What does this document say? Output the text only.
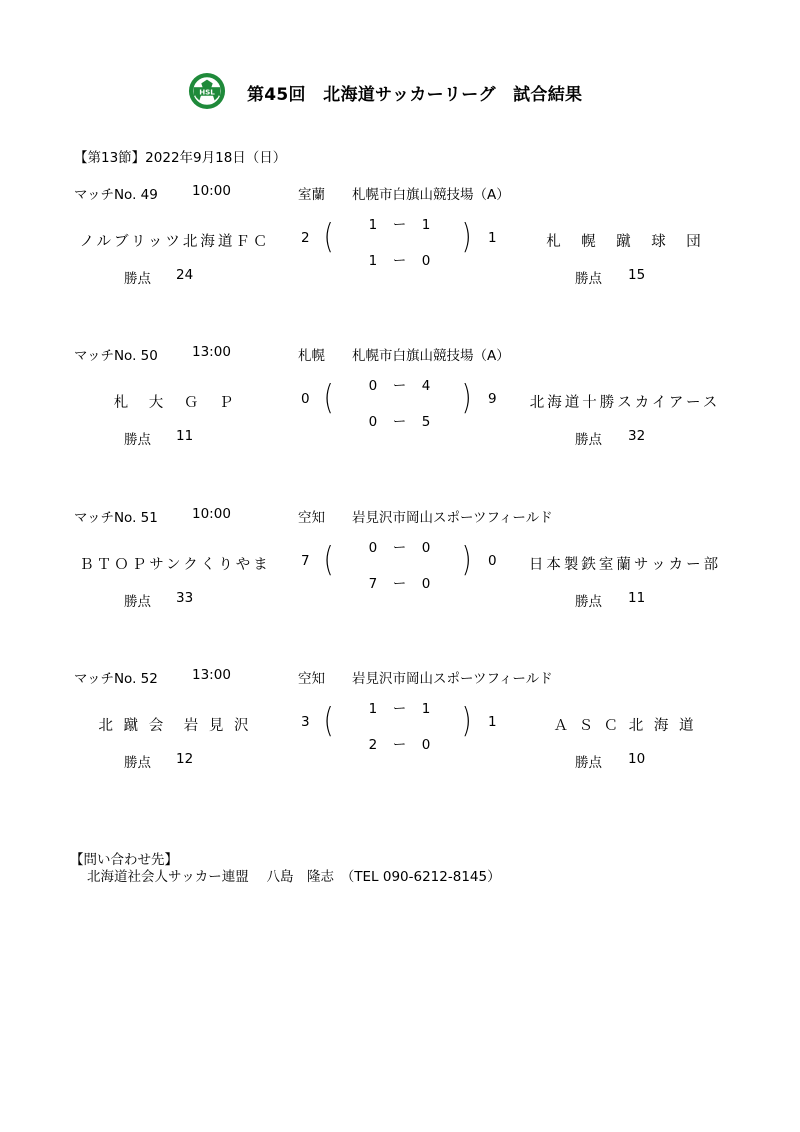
HSL 第45回　北海道サッカーリーグ　試合結果
【第13節】2022年9月18日（日）
マッチNo. 49	10:00	室蘭 札幌市白旗山競技場（A）
ノルブリッツ北海道ＦＣ	2 (	1　 ー　 1
1　 ー　 0
) 1	札　幌　蹴　球　団
勝点 24	勝点 15
マッチNo. 50	13:00	札幌 札幌市白旗山競技場（A）
札　大　Ｇ　Ｐ	0 (	0　 ー　 4
0　 ー　 5
) 9	北海道十勝スカイアース
勝点 11	勝点 32
マッチNo. 51	10:00	空知 岩見沢市岡山スポーツフィールド
ＢＴＯＰサンクくりやま	7 (	0　 ー　 0
7　 ー　 0
) 0	日本製鉄室蘭サッカー部
勝点 33	勝点 11
マッチNo. 52	13:00	空知 岩見沢市岡山スポーツフィールド
北 蹴 会　岩 見 沢	3 (	1　 ー　 1
2　 ー　 0
) 1	Ａ Ｓ Ｃ 北 海 道
勝点 12	勝点 10
【問い合わせ先】
北海道社会人サッカー連盟　 八島　隆志　（TEL 090-6212-8145）
